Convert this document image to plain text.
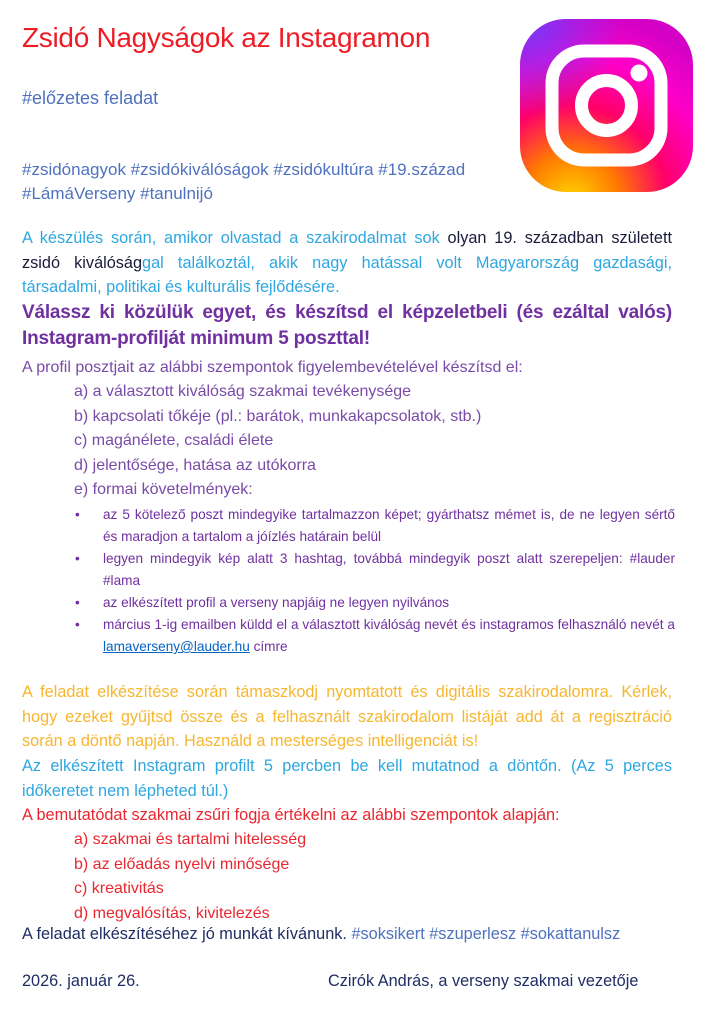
Zsidó Nagyságok az Instagramon
#előzetes feladat
#zsidónagyok #zsidókiválóságok #zsidókultúra #19.század
#LámáVerseny #tanulnijó
A készülés során, amikor olvastad a szakirodalmat sok olyan 19. században született zsidó kiválósággal találkoztál, akik nagy hatással volt Magyarország gazdasági, társadalmi, politikai és kulturális fejlődésére.
Válassz ki közülük egyet, és készítsd el képzeletbeli (és ezáltal valós) Instagram-profilját minimum 5 poszttal!
A profil posztjait az alábbi szempontok figyelembevételével készítsd el:
a) a választott kiválóság szakmai tevékenysége
b) kapcsolati tőkéje (pl.: barátok, munkakapcsolatok, stb.)
c) magánélete, családi élete
d) jelentősége, hatása az utókorra
e) formai követelmények:
• az 5 kötelező poszt mindegyike tartalmazzon képet; gyárthatsz mémet is, de ne legyen sértő és maradjon a tartalom a jóízlés határain belül
• legyen mindegyik kép alatt 3 hashtag, továbbá mindegyik poszt alatt szerepeljen: #lauder #lama
• az elkészített profil a verseny napjáig ne legyen nyilvános
• március 1-ig emailben küldd el a választott kiválóság nevét és instagramos felhasználó nevét a lamaverseny@lauder.hu címre
A feladat elkészítése során támaszkodj nyomtatott és digitális szakirodalomra. Kérlek, hogy ezeket gyűjtsd össze és a felhasznált szakirodalom listáját add át a regisztráció során a döntő napján. Használd a mesterséges intelligenciát is!
Az elkészített Instagram profilt 5 percben be kell mutatnod a döntőn. (Az 5 perces időkeretet nem lépheted túl.)
A bemutatódat szakmai zsűri fogja értékelni az alábbi szempontok alapján:
a) szakmai és tartalmi hitelesség
b) az előadás nyelvi minősége
c) kreativitás
d) megvalósítás, kivitelezés
A feladat elkészítéséhez jó munkát kívánunk. #soksikert #szuperlesz #sokattanulsz
2026. január 26.	Czirók András, a verseny szakmai vezetője
